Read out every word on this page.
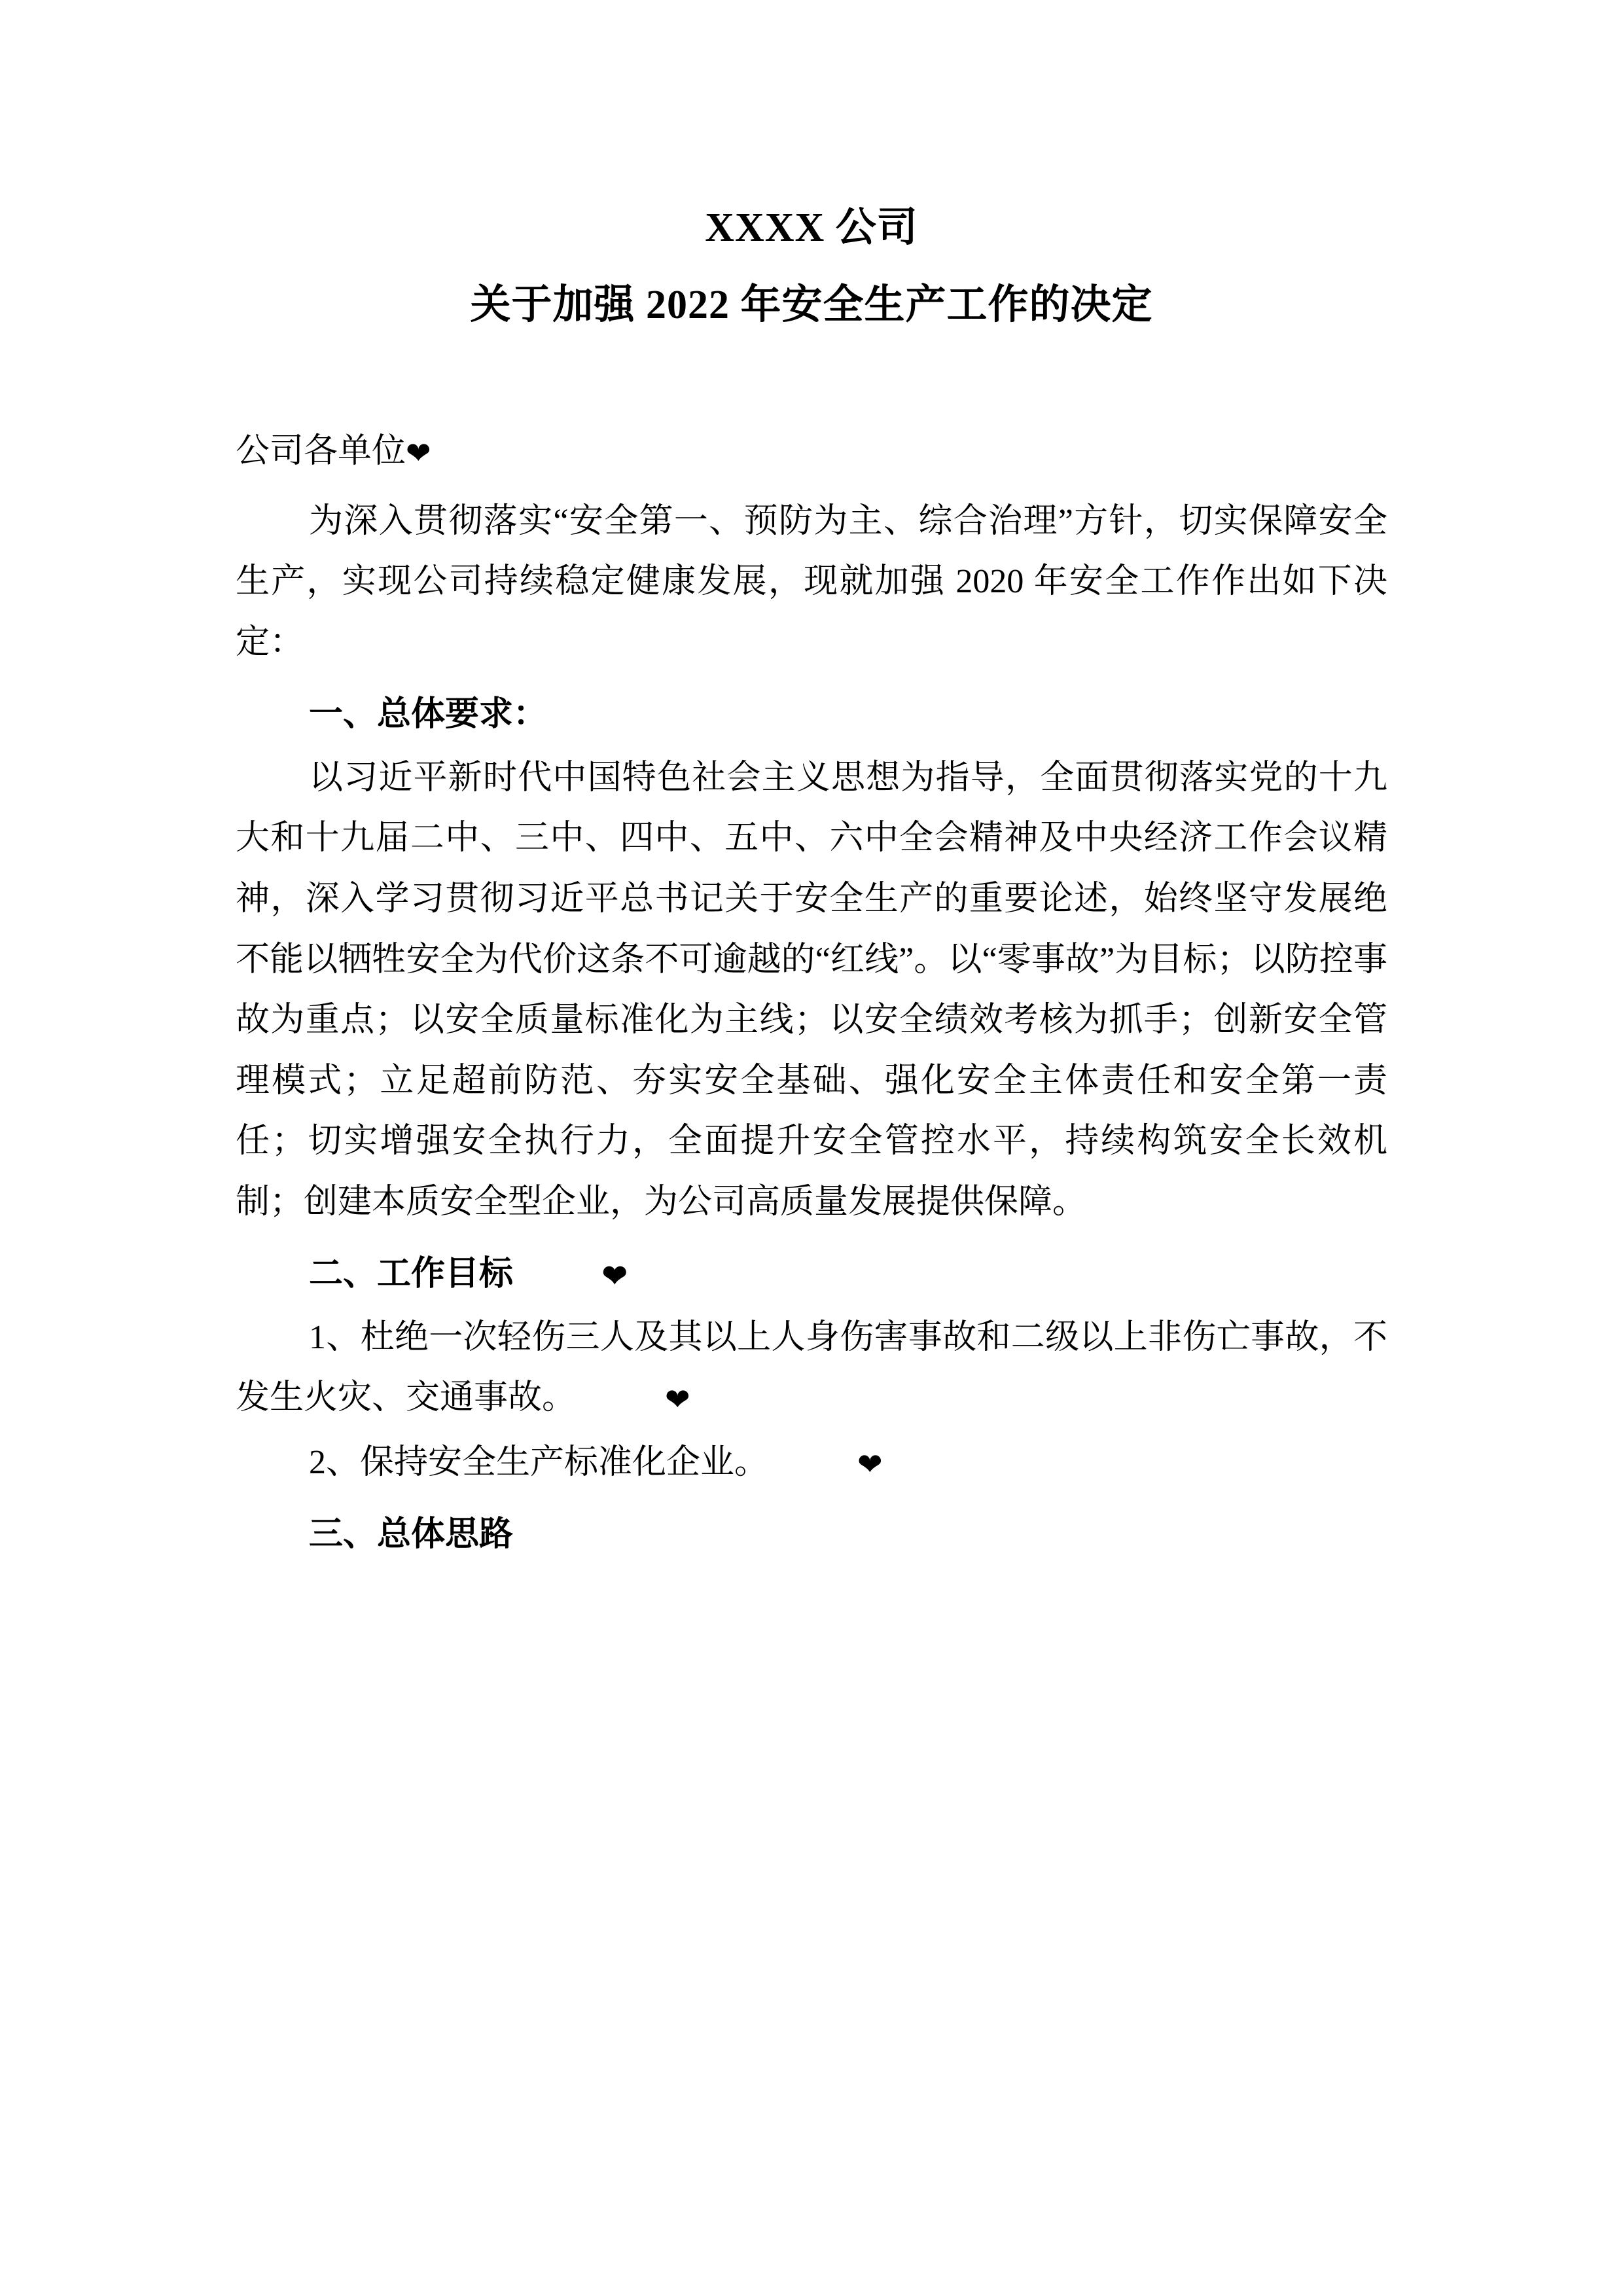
XXXX 公司
关于加强 2022 年安全生产工作的决定

公司各单位❤

为深入贯彻落实“安全第一、预防为主、综合治理”方针，切实保障安全生产，实现公司持续稳定健康发展，现就加强 2020 年安全工作作出如下决定：

一、总体要求：

以习近平新时代中国特色社会主义思想为指导，全面贯彻落实党的十九大和十九届二中、三中、四中、五中、六中全会精神及中央经济工作会议精神，深入学习贯彻习近平总书记关于安全生产的重要论述，始终坚守发展绝不能以牺牲安全为代价这条不可逾越的“红线”。以“零事故”为目标；以防控事故为重点；以安全质量标准化为主线；以安全绩效考核为抓手；创新安全管理模式；立足超前防范、夯实安全基础、强化安全主体责任和安全第一责任；切实增强安全执行力，全面提升安全管控水平，持续构筑安全长效机制；创建本质安全型企业，为公司高质量发展提供保障。

二、工作目标	❤

1、杜绝一次轻伤三人及其以上人身伤害事故和二级以上非伤亡事故，不发生火灾、交通事故。	❤

2、保持安全生产标准化企业。	❤

三、总体思路
